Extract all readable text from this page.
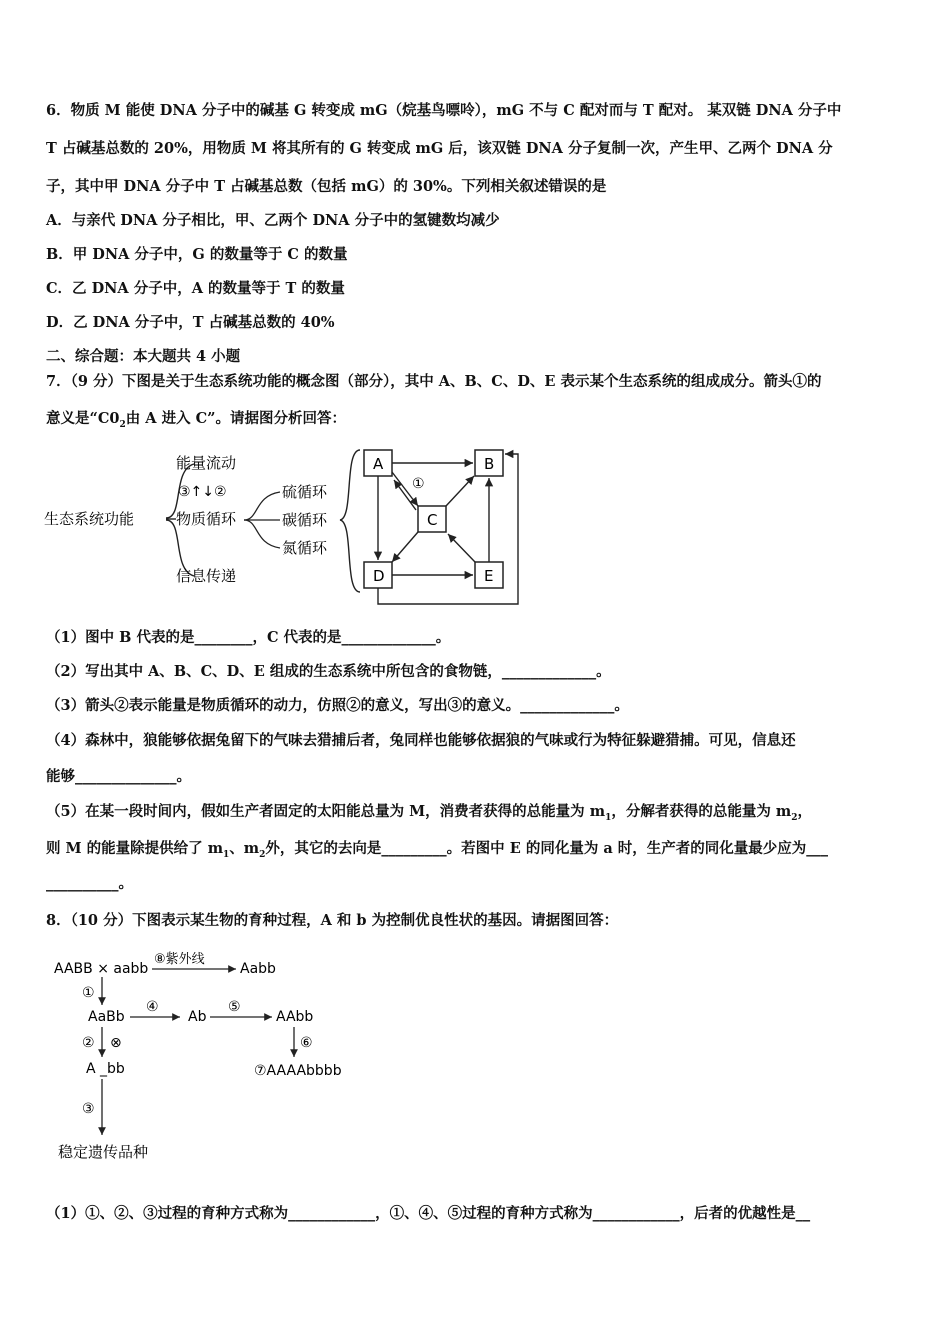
6．物质 M 能使 DNA 分子中的碱基 G 转变成 mG（烷基鸟嘌呤），mG 不与 C 配对而与 T 配对。 某双链 DNA 分子中
T 占碱基总数的 20%，用物质 M 将其所有的 G 转变成 mG 后，该双链 DNA 分子复制一次，产生甲、乙两个 DNA 分
子，其中甲 DNA 分子中 T 占碱基总数（包括 mG）的 30%。下列相关叙述错误的是
A．与亲代 DNA 分子相比，甲、乙两个 DNA 分子中的氢键数均减少
B．甲 DNA 分子中，G 的数量等于 C 的数量
C．乙 DNA 分子中，A 的数量等于 T 的数量
D．乙 DNA 分子中，T 占碱基总数的 40%
二、综合题：本大题共 4 小题
7．（9 分）下图是关于生态系统功能的概念图（部分），其中 A、B、C、D、E 表示某个生态系统的组成成分。箭头①的
意义是“$C0_2$由 A 进入 C”。请据图分析回答：
生态系统功能
能量流动
物质循环
信息传递
③↑↓②	硫循环
碳循环
氮循环
A	B
C
D	E
①
（1）图中 B 代表的是________，C 代表的是_____________。
（2）写出其中 A、B、C、D、E 组成的生态系统中所包含的食物链，_____________。
（3）箭头②表示能量是物质循环的动力，仿照②的意义，写出③的意义。_____________。
（4）森林中，狼能够依据兔留下的气味去猎捕后者，兔同样也能够依据狼的气味或行为特征躲避猎捕。可见，信息还
能够______________。
（5）在某一段时间内，假如生产者固定的太阳能总量为 M，消费者获得的总能量为 $m_1$，分解者获得的总能量为 $m_2$，
则 M 的能量除提供给了 $m_1$、$m_2$外，其它的去向是_________。若图中 E 的同化量为 a 时，生产者的同化量最少应为___
__________。
8．（10 分）下图表示某生物的育种过程，A 和 b 为控制优良性状的基因。请据图回答：
AABB × aabb
⑧紫外线
Aabb
①
AaBb
④
Ab
⑤
AAbb
② ⊗	⑥
A _bb	⑦AAAAbbbb
③
稳定遗传品种
（1）①、②、③过程的育种方式称为____________，①、④、⑤过程的育种方式称为____________，后者的优越性是__
